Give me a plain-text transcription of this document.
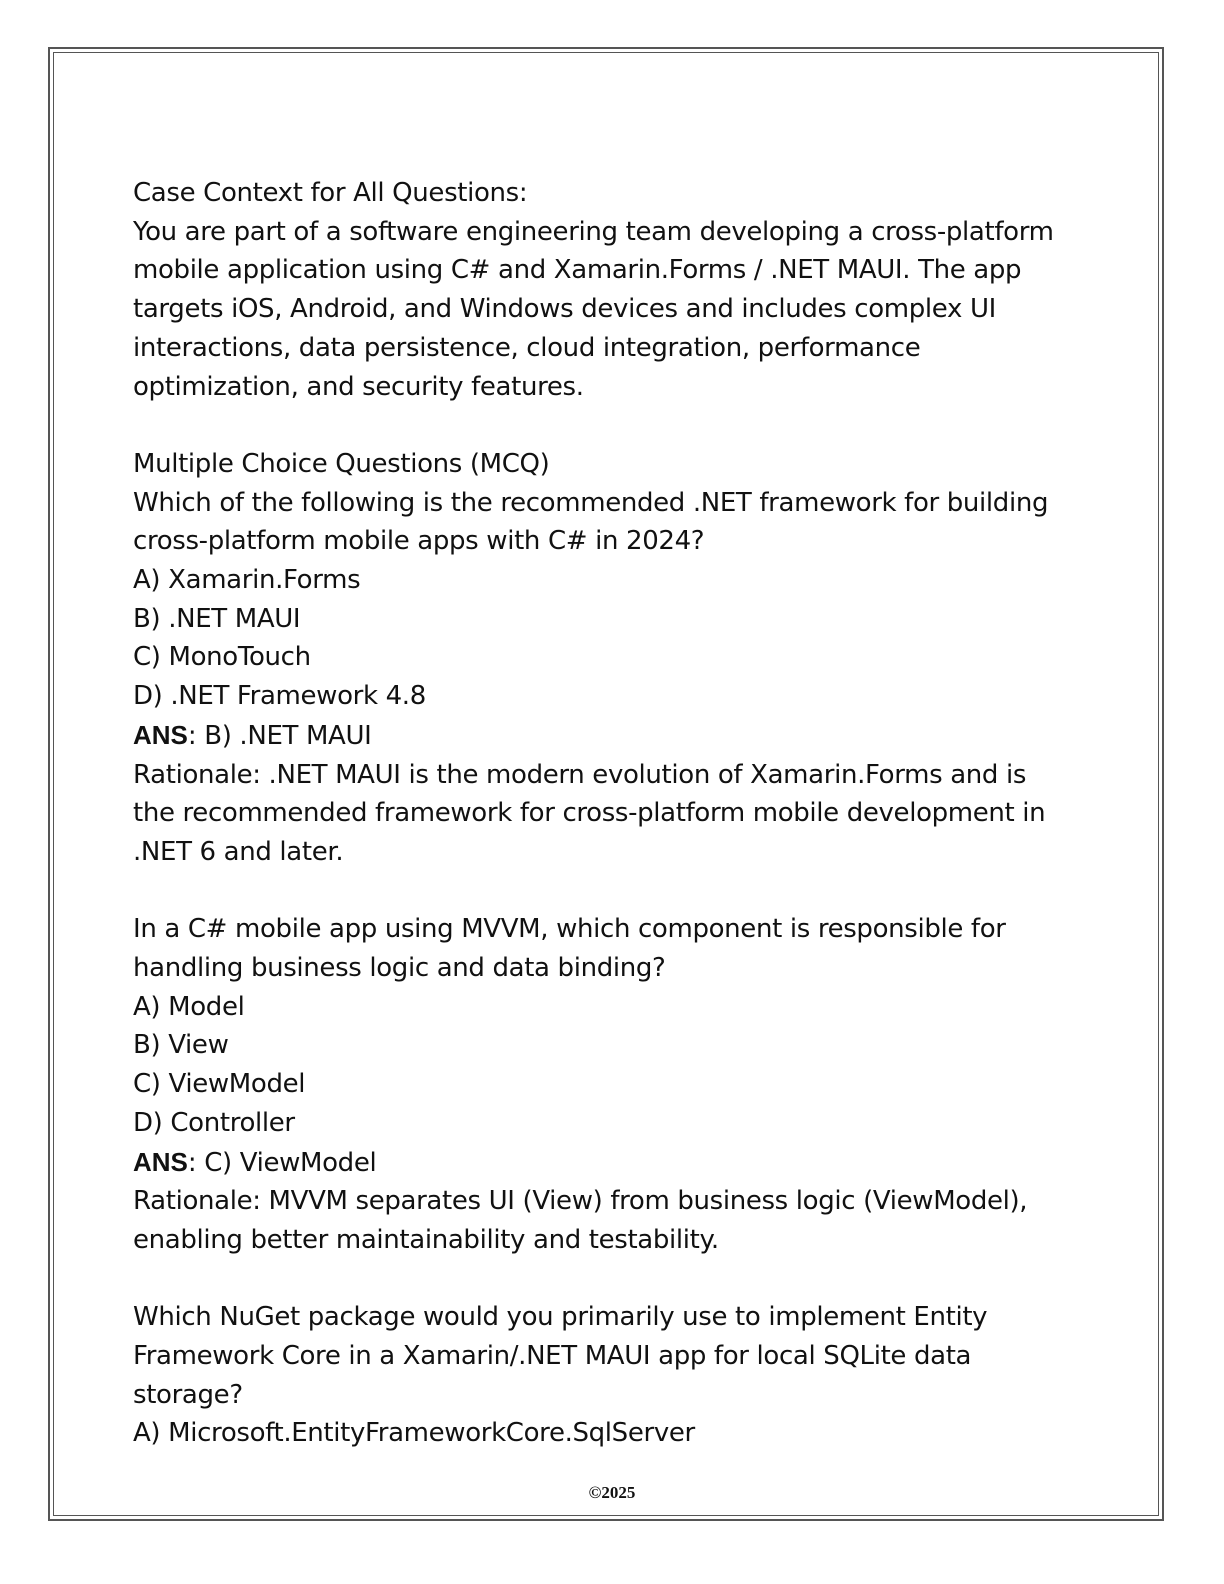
Case Context for All Questions:
You are part of a software engineering team developing a cross-platform
mobile application using C# and Xamarin.Forms / .NET MAUI. The app
targets iOS, Android, and Windows devices and includes complex UI
interactions, data persistence, cloud integration, performance
optimization, and security features.
Multiple Choice Questions (MCQ)
Which of the following is the recommended .NET framework for building
cross-platform mobile apps with C# in 2024?
A) Xamarin.Forms
B) .NET MAUI
C) MonoTouch
D) .NET Framework 4.8
ANS: B) .NET MAUI
Rationale: .NET MAUI is the modern evolution of Xamarin.Forms and is
the recommended framework for cross-platform mobile development in
.NET 6 and later.
In a C# mobile app using MVVM, which component is responsible for
handling business logic and data binding?
A) Model
B) View
C) ViewModel
D) Controller
ANS: C) ViewModel
Rationale: MVVM separates UI (View) from business logic (ViewModel),
enabling better maintainability and testability.
Which NuGet package would you primarily use to implement Entity
Framework Core in a Xamarin/.NET MAUI app for local SQLite data
storage?
A) Microsoft.EntityFrameworkCore.SqlServer
©2025
